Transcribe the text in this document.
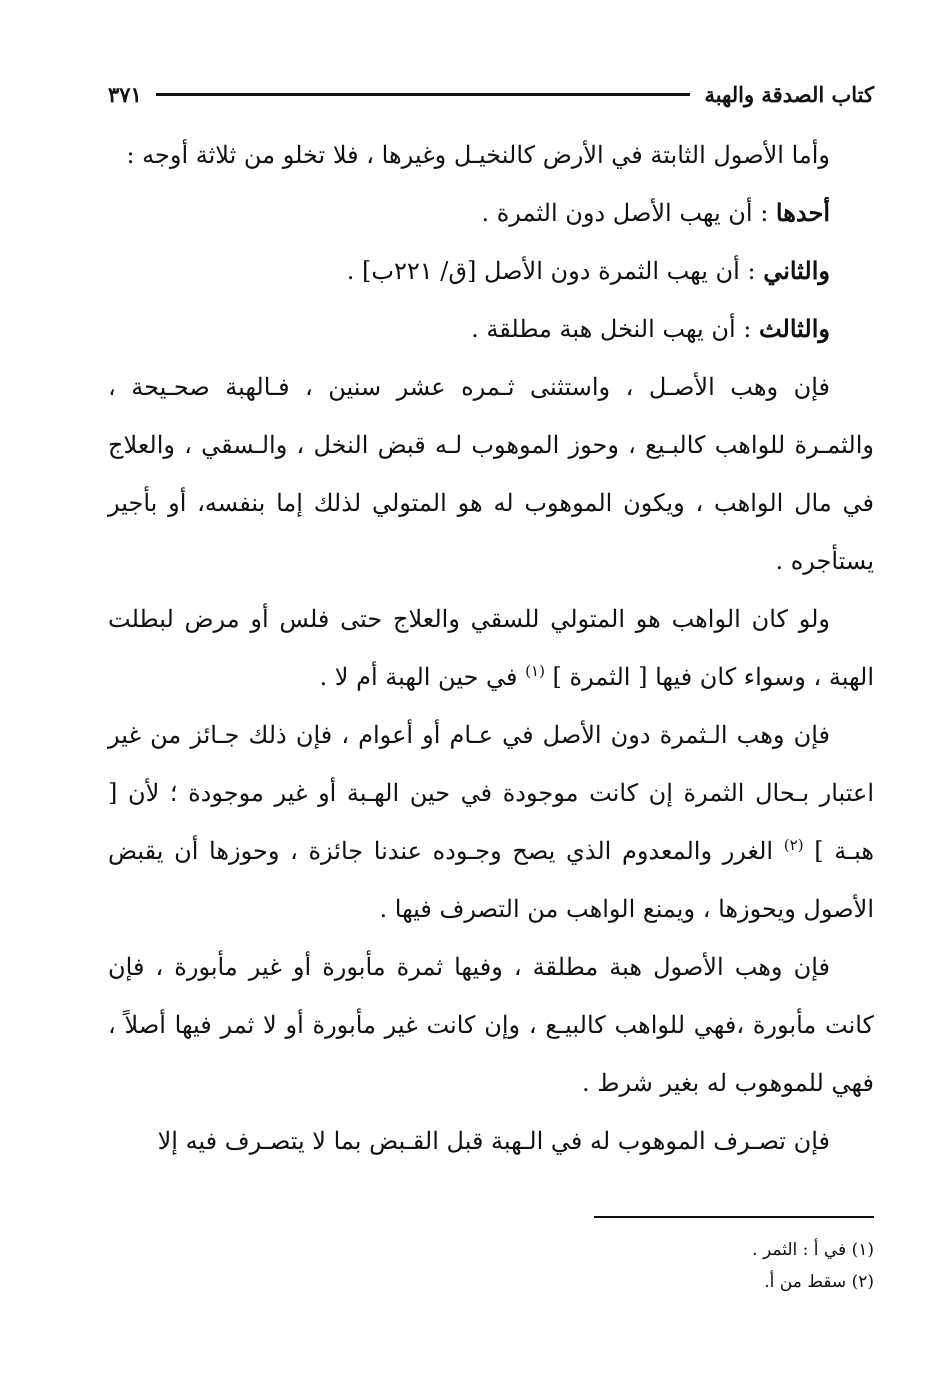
كتاب الصدقة والهبة
٣٧١

وأما الأصول الثابتة في الأرض كالنخيـل وغيرها ، فلا تخلو من ثلاثة أوجه :

أحدها : أن يهب الأصل دون الثمرة .

والثاني : أن يهب الثمرة دون الأصل [ق/ ٢٢١ب] .

والثالث : أن يهب النخل هبة مطلقة .

فإن وهب الأصـل ، واستثنى ثـمره عشر سنين ، فـالهبة صحـيحة ، والثمـرة للواهب كالبـيع ، وحوز الموهوب لـه قبض النخل ، والـسقي ، والعلاج في مال الواهب ، ويكون الموهوب له هو المتولي لذلك إما بنفسه، أو بأجير يستأجره .

ولو كان الواهب هو المتولي للسقي والعلاج حتى فلس أو مرض لبطلت الهبة ، وسواء كان فيها [ الثمرة ] $^{(١)}$ في حين الهبة أم لا .

فإن وهب الـثمرة دون الأصل في عـام أو أعوام ، فإن ذلك جـائز من غير اعتبار بـحال الثمرة إن كانت موجودة في حين الهـبة أو غير موجودة ؛ لأن [ هبـة ] $^{(٢)}$ الغرر والمعدوم الذي يصح وجـوده عندنا جائزة ، وحوزها أن يقبض الأصول ويحوزها ، ويمنع الواهب من التصرف فيها .

فإن وهب الأصول هبة مطلقة ، وفيها ثمرة مأبورة أو غير مأبورة ، فإن كانت مأبورة ،فهي للواهب كالبيـع ، وإن كانت غير مأبورة أو لا ثمر فيها أصلاً ، فهي للموهوب له بغير شرط .

فإن تصـرف الموهوب له في الـهبة قبل القـبض بما لا يتصـرف فيه إلا

(١) في أ : الثمر .
(٢) سقط من أ.
